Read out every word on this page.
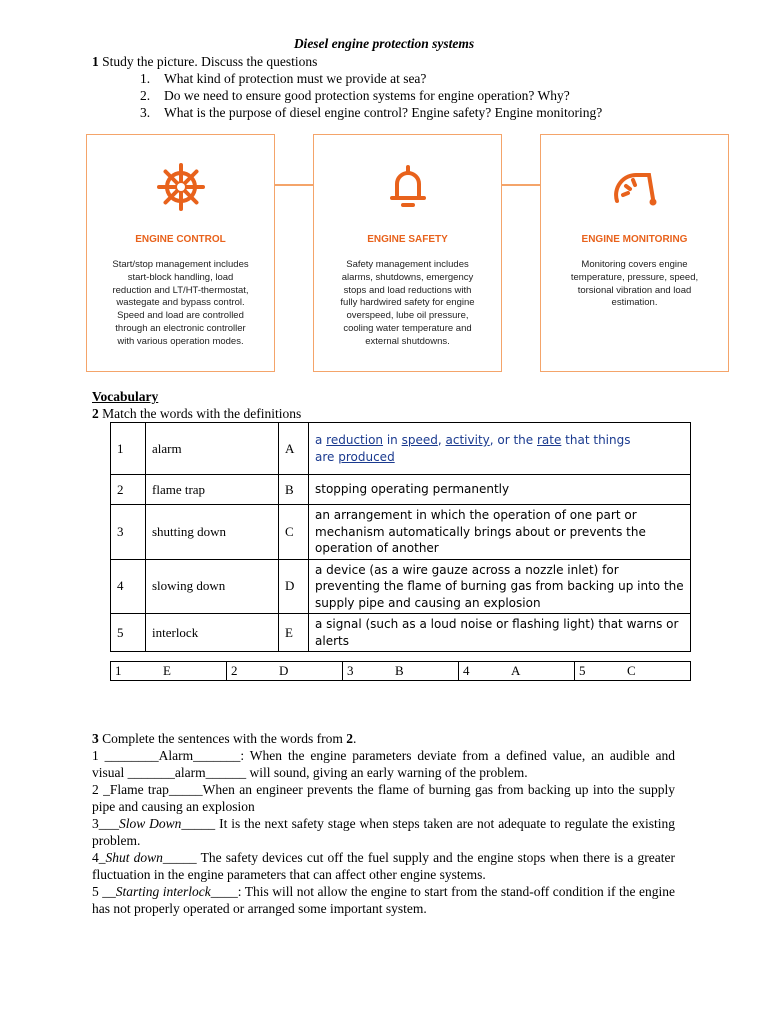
Diesel engine protection systems
1 Study the picture. Discuss the questions
1. What kind of protection must we provide at sea?
2. Do we need to ensure good protection systems for engine operation? Why?
3. What is the purpose of diesel engine control? Engine safety? Engine monitoring?
ENGINE CONTROL
Start/stop management includes
start-block handling, load
reduction and LT/HT-thermostat,
wastegate and bypass control.
Speed and load are controlled
through an electronic controller
with various operation modes.
ENGINE SAFETY
Safety management includes
alarms, shutdowns, emergency
stops and load reductions with
fully hardwired safety for engine
overspeed, lube oil pressure,
cooling water temperature and
external shutdowns.
ENGINE MONITORING
Monitoring covers engine
temperature, pressure, speed,
torsional vibration and load
estimation.
Vocabulary
2 Match the words with the definitions
1	alarm	A	a reduction in speed, activity, or the rate that things
are produced
2	flame trap	B	stopping operating permanently
3	shutting down	C	an arrangement in which the operation of one part or mechanism automatically brings about or prevents the operation of another
4	slowing down	D	a device (as a wire gauze across a nozzle inlet) for preventing the flame of burning gas from backing up into the supply pipe and causing an explosion
5	interlock	E	a signal (such as a loud noise or flashing light) that warns or alerts
1	E	2	D	3	B	4	A	5	C

3 Complete the sentences with the words from 2.

1 ________Alarm_______: When the engine parameters deviate from a defined value, an audible and visual _______alarm______ will sound, giving an early warning of the problem.

2 _Flame trap_____When an engineer prevents the flame of burning gas from backing up into the supply pipe and causing an explosion

3___Slow Down_____ It is the next safety stage when steps taken are not adequate to regulate the existing problem.

4_Shut down_____ The safety devices cut off the fuel supply and the engine stops when there is a greater fluctuation in the engine parameters that can affect other engine systems.

5 __Starting interlock____: This will not allow the engine to start from the stand-off condition if the engine has not properly operated or arranged some important system.
